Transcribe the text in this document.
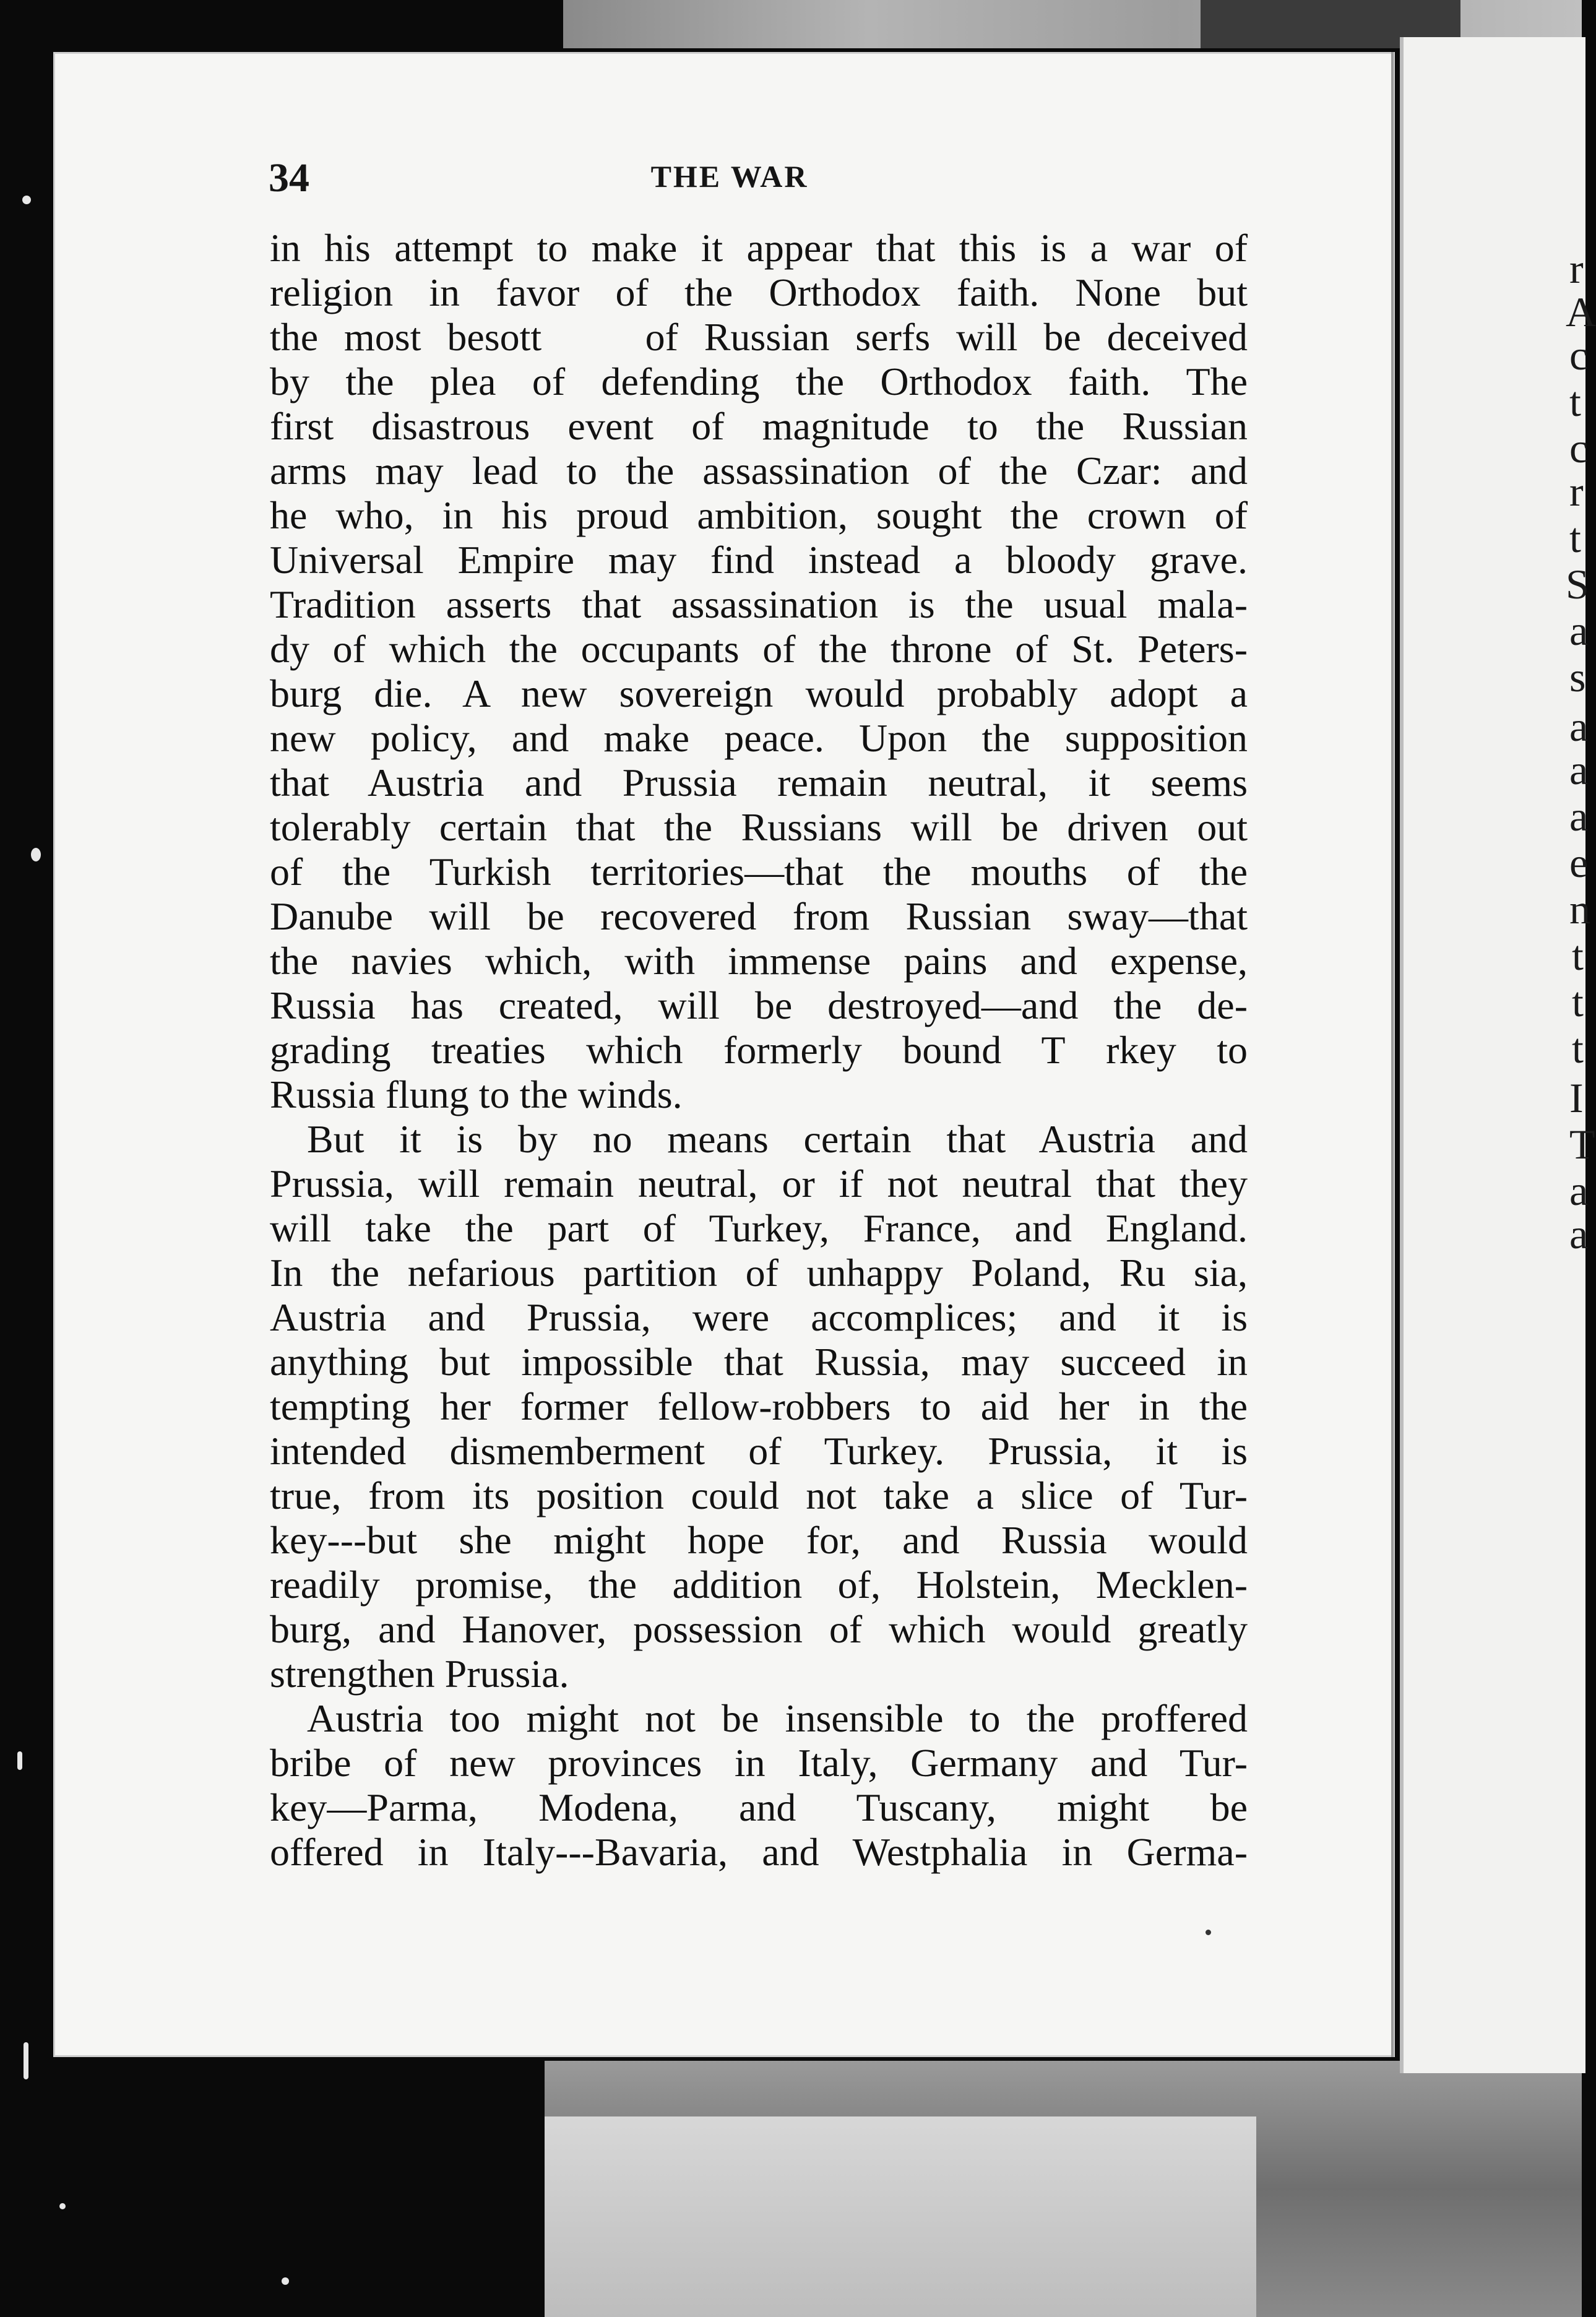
r
A
c
t
c
r
t
S
a
s
a
a
a
e
n
t
t
t
I
T
a
a
34	THE WAR
in his attempt to make it appear that this is a war of
religion in favor of the Orthodox faith. None but
the most besott    of Russian serfs will be deceived
by the plea of defending the Orthodox faith. The
first disastrous event of magnitude to the Russian
arms may lead to the assassination of the Czar: and
he who, in his proud ambition, sought the crown of
Universal Empire may find instead a bloody grave.
Tradition asserts that assassination is the usual mala-
dy of which the occupants of the throne of St. Peters-
burg die. A new sovereign would probably adopt a
new policy, and make peace. Upon the supposition
that Austria and Prussia remain neutral, it seems
tolerably certain that the Russians will be driven out
of the Turkish territories—that the mouths of the
Danube will be recovered from Russian sway—that
the navies which, with immense pains and expense,
Russia has created, will be destroyed—and the de-
grading treaties which formerly bound T rkey to
Russia flung to the winds.
But it is by no means certain that Austria and
Prussia, will remain neutral, or if not neutral that they
will take the part of Turkey, France, and England.
In the nefarious partition of unhappy Poland, Ru sia,
Austria and Prussia, were accomplices; and it is
anything but impossible that Russia, may succeed in
tempting her former fellow-robbers to aid her in the
intended dismemberment of Turkey. Prussia, it is
true, from its position could not take a slice of Tur-
key---but she might hope for, and Russia would
readily promise, the addition of, Holstein, Mecklen-
burg, and Hanover, possession of which would greatly
strengthen Prussia.
Austria too might not be insensible to the proffered
bribe of new provinces in Italy, Germany and Tur-
key—Parma, Modena, and Tuscany, might be
offered in Italy---Bavaria, and Westphalia in Germa-
